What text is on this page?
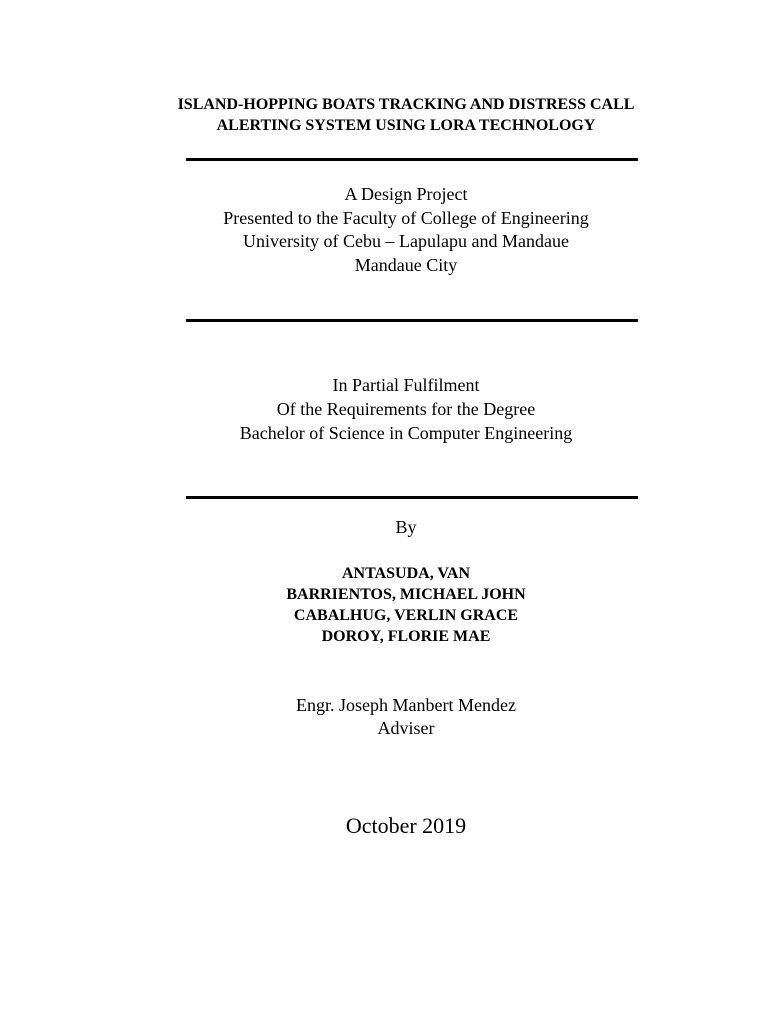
ISLAND-HOPPING BOATS TRACKING AND DISTRESS CALL
ALERTING SYSTEM USING LORA TECHNOLOGY
A Design Project
Presented to the Faculty of College of Engineering
University of Cebu – Lapulapu and Mandaue
Mandaue City
In Partial Fulfilment
Of the Requirements for the Degree
Bachelor of Science in Computer Engineering
By
ANTASUDA, VAN
BARRIENTOS, MICHAEL JOHN
CABALHUG, VERLIN GRACE
DOROY, FLORIE MAE
Engr. Joseph Manbert Mendez
Adviser
October 2019
